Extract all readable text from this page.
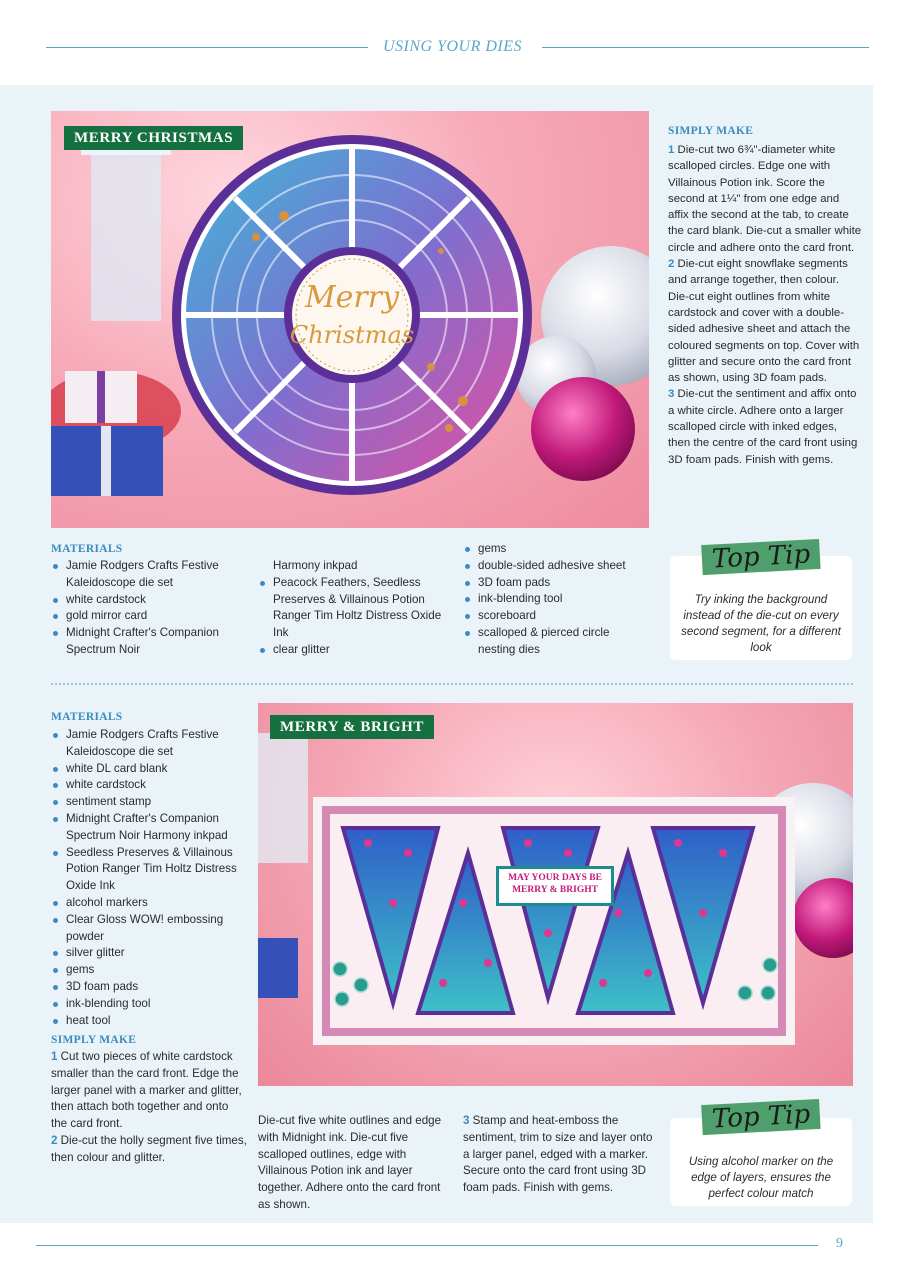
USING YOUR DIES
Merry
Christmas
MERRY CHRISTMAS	SIMPLY MAKE
1 Die-cut two 6¾"-diameter white scalloped circles. Edge one with Villainous Potion ink. Score the second at 1¼" from one edge and affix the second at the tab, to create the card blank. Die-cut a smaller white circle and adhere onto the card front.
2 Die-cut eight snowflake segments and arrange together, then colour. Die-cut eight outlines from white cardstock and cover with a double-sided adhesive sheet and attach the coloured segments on top. Cover with glitter and secure onto the card front as shown, using 3D foam pads.
3 Die-cut the sentiment and affix onto a white circle. Adhere onto a larger scalloped circle with inked edges, then the centre of the card front using 3D foam pads. Finish with gems.
MATERIALS
Jamie Rodgers Crafts Festive Kaleidoscope die set
white cardstock
gold mirror card
Midnight Crafter's Companion Spectrum Noir
Harmony inkpad
Peacock Feathers, Seedless Preserves & Villainous Potion Ranger Tim Holtz Distress Oxide Ink
clear glitter
gems
double-sided adhesive sheet
3D foam pads
ink-blending tool
scoreboard
scalloped & pierced circle nesting dies
Top Tip
Try inking the background instead of the die-cut on every second segment, for a different look
MATERIALS
Jamie Rodgers Crafts Festive Kaleidoscope die set
white DL card blank
white cardstock
sentiment stamp
Midnight Crafter's Companion Spectrum Noir Harmony inkpad
Seedless Preserves & Villainous Potion Ranger Tim Holtz Distress Oxide Ink
alcohol markers
Clear Gloss WOW! embossing powder
silver glitter
gems
3D foam pads
ink-blending tool
heat tool
MAY YOUR DAYS BE MERRY & BRIGHT
MERRY & BRIGHT
SIMPLY MAKE
1 Cut two pieces of white cardstock smaller than the card front. Edge the larger panel with a marker and glitter, then attach both together and onto the card front.
2 Die-cut the holly segment five times, then colour and glitter.
Die-cut five white outlines and edge with Midnight ink. Die-cut five scalloped outlines, edge with Villainous Potion ink and layer together. Adhere onto the card front as shown.
3 Stamp and heat-emboss the sentiment, trim to size and layer onto a larger panel, edged with a marker. Secure onto the card front using 3D foam pads. Finish with gems.
Top Tip
Using alcohol marker on the edge of layers, ensures the perfect colour match
9
